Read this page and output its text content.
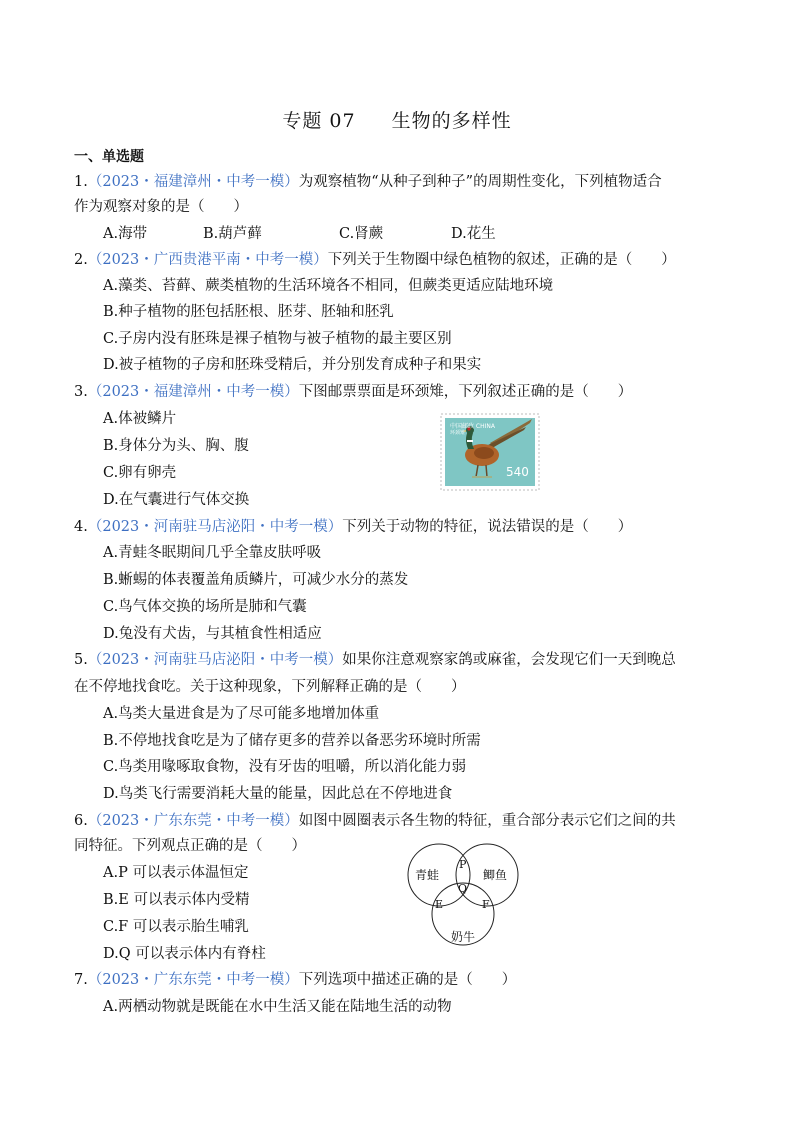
专题 07 生物的多样性
一、单选题
1.（2023・福建漳州・中考一模）为观察植物“从种子到种子”的周期性变化，下列植物适合
作为观察对象的是（　　）
A.海带	B.葫芦藓	C.肾蕨	D.花生
2.（2023・广西贵港平南・中考一模）下列关于生物圈中绿色植物的叙述，正确的是（　　）
A.藻类、苔藓、蕨类植物的生活环境各不相同，但蕨类更适应陆地环境
B.种子植物的胚包括胚根、胚芽、胚轴和胚乳
C.子房内没有胚珠是裸子植物与被子植物的最主要区别
D.被子植物的子房和胚珠受精后，并分别发育成种子和果实
3.（2023・福建漳州・中考一模）下图邮票票面是环颈雉，下列叙述正确的是（　　）
A.体被鳞片
B.身体分为头、胸、腹
C.卵有卵壳
D.在气囊进行气体交换
中国邮政 CHINA
540
环颈雉
4.（2023・河南驻马店泌阳・中考一模）下列关于动物的特征，说法错误的是（　　）
A.青蛙冬眠期间几乎全靠皮肤呼吸
B.蜥蜴的体表覆盖角质鳞片，可减少水分的蒸发
C.鸟气体交换的场所是肺和气囊
D.兔没有犬齿，与其植食性相适应
5.（2023・河南驻马店泌阳・中考一模）如果你注意观察家鸽或麻雀，会发现它们一天到晚总
在不停地找食吃。关于这种现象，下列解释正确的是（　　）
A.鸟类大量进食是为了尽可能多地增加体重
B.不停地找食吃是为了储存更多的营养以备恶劣环境时所需
C.鸟类用喙啄取食物，没有牙齿的咀嚼，所以消化能力弱
D.鸟类飞行需要消耗大量的能量，因此总在不停地进食
6.（2023・广东东莞・中考一模）如图中圆圈表示各生物的特征，重合部分表示它们之间的共
同特征。下列观点正确的是（　　）
A.P 可以表示体温恒定
B.E 可以表示体内受精
C.F 可以表示胎生哺乳
D.Q 可以表示体内有脊柱
青蛙	鲫鱼
奶牛
P
Q
E	F
7.（2023・广东东莞・中考一模）下列选项中描述正确的是（　　）
A.两栖动物就是既能在水中生活又能在陆地生活的动物
